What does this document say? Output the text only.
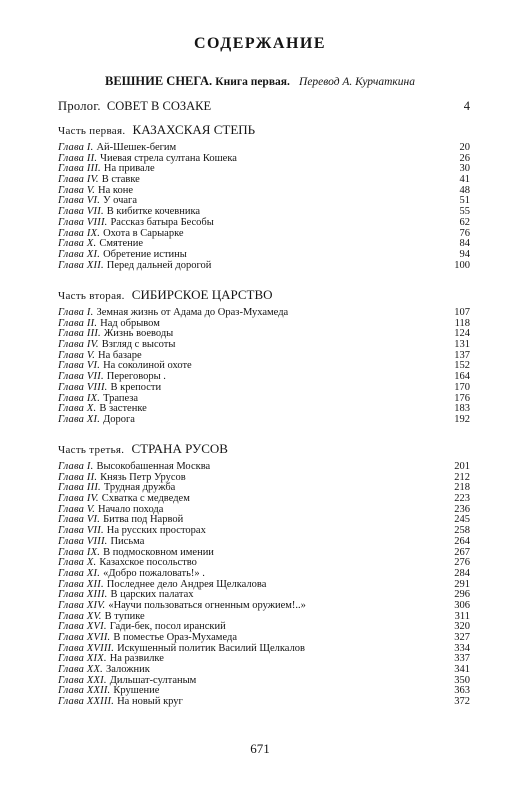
СОДЕРЖАНИЕ
ВЕШНИЕ СНЕГА. Книга первая. Перевод А. Курчаткина
Пролог. СОВЕТ В СОЗАКЕ	4
Часть первая. КАЗАХСКАЯ СТЕПЬ
Глава I. Ай-Шешек-бегим	20
Глава II. Чиевая стрела султана Кошека	26
Глава III. На привале	30
Глава IV. В ставке	41
Глава V. На коне	48
Глава VI. У очага	51
Глава VII. В кибитке кочевника	55
Глава VIII. Рассказ батыра Бесобы	62
Глава IX. Охота в Сарыарке	76
Глава X. Смятение	84
Глава XI. Обретение истины	94
Глава XII. Перед дальней дорогой	100
Часть вторая. СИБИРСКОЕ ЦАРСТВО
Глава I. Земная жизнь от Адама до Ораз-Мухамеда	107
Глава II. Над обрывом	118
Глава III. Жизнь воеводы	124
Глава IV. Взгляд с высоты	131
Глава V. На базаре	137
Глава VI. На соколиной охоте	152
Глава VII. Переговоры .	164
Глава VIII. В крепости	170
Глава IX. Трапеза	176
Глава X. В застенке	183
Глава XI. Дорога	192
Часть третья. СТРАНА РУСОВ
Глава I. Высокобашенная Москва	201
Глава II. Князь Петр Урусов	212
Глава III. Трудная дружба	218
Глава IV. Схватка с медведем	223
Глава V. Начало похода	236
Глава VI. Битва под Нарвой	245
Глава VII. На русских просторах	258
Глава VIII. Письма	264
Глава IX. В подмосковном имении	267
Глава X. Казахское посольство	276
Глава XI. «Добро пожаловать!» .	284
Глава XII. Последнее дело Андрея Щелкалова	291
Глава XIII. В царских палатах	296
Глава XIV. «Научи пользоваться огненным оружием!..»	306
Глава XV. В тупике	311
Глава XVI. Гади-бек, посол иранский	320
Глава XVII. В поместье Ораз-Мухамеда	327
Глава XVIII. Искушенный политик Василий Щелкалов	334
Глава XIX. На развилке	337
Глава XX. Заложник	341
Глава XXI. Дильшат-султаным	350
Глава XXII. Крушение	363
Глава XXIII. На новый круг	372
671
